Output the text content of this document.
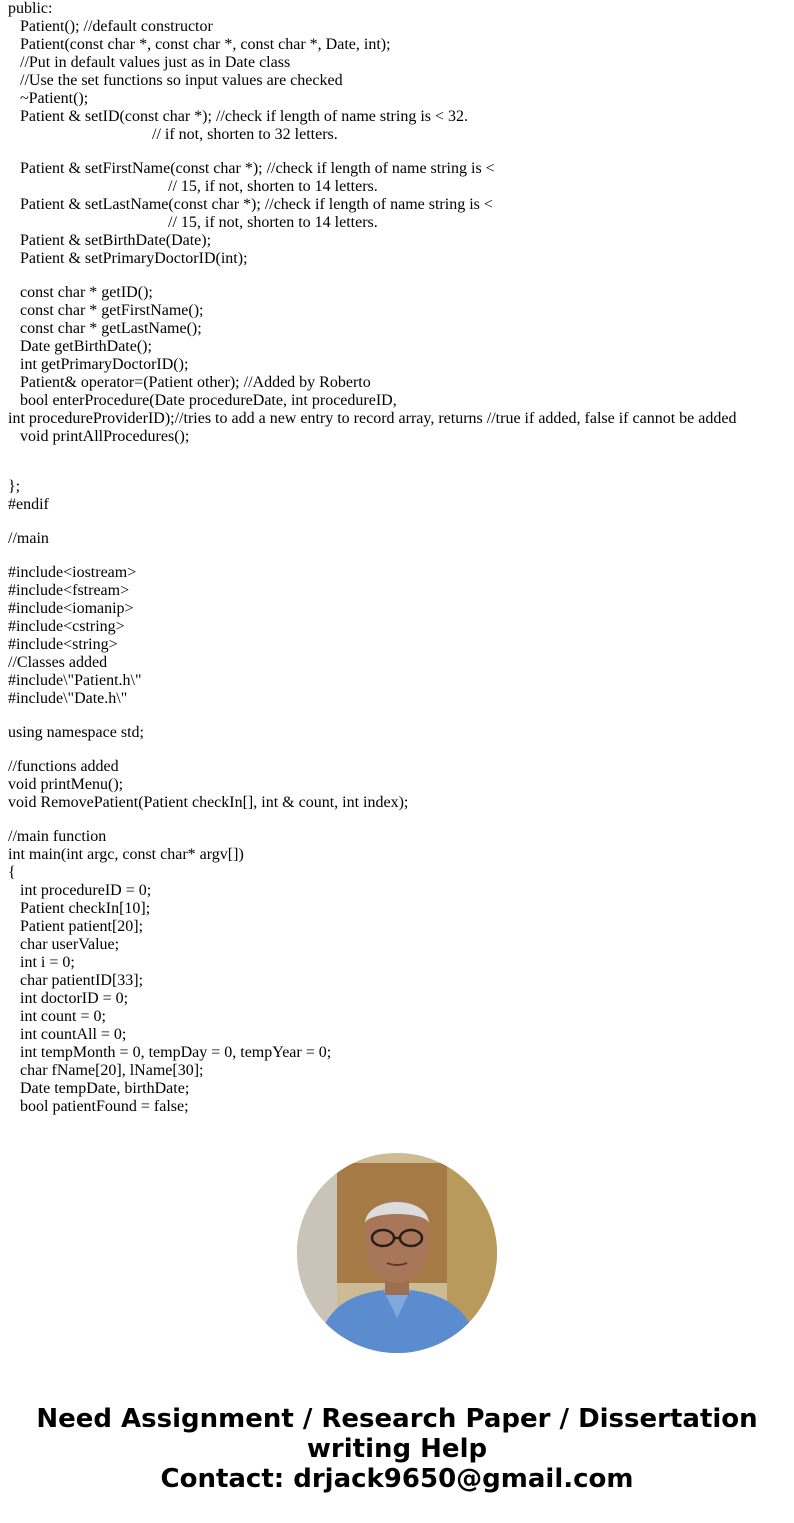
public:
Patient(); //default constructor
Patient(const char *, const char *, const char *, Date, int);
//Put in default values just as in Date class
//Use the set functions so input values are checked
~Patient();
Patient & setID(const char *); //check if length of name string is < 32.
// if not, shorten to 32 letters.
Patient & setFirstName(const char *); //check if length of name string is <
// 15, if not, shorten to 14 letters.
Patient & setLastName(const char *); //check if length of name string is <
// 15, if not, shorten to 14 letters.
Patient & setBirthDate(Date);
Patient & setPrimaryDoctorID(int);
const char * getID();
const char * getFirstName();
const char * getLastName();
Date getBirthDate();
int getPrimaryDoctorID();
Patient& operator=(Patient other); //Added by Roberto
bool enterProcedure(Date procedureDate, int procedureID,
int procedureProviderID);//tries to add a new entry to record array, returns //true if added, false if cannot be added
void printAllProcedures();
};
#endif
//main
#include<iostream>
#include<fstream>
#include<iomanip>
#include<cstring>
#include<string>
//Classes added
#include\"Patient.h\"
#include\"Date.h\"
using namespace std;
//functions added
void printMenu();
void RemovePatient(Patient checkIn[], int & count, int index);
//main function
int main(int argc, const char* argv[])
{
int procedureID = 0;
Patient checkIn[10];
Patient patient[20];
char userValue;
int i = 0;
char patientID[33];
int doctorID = 0;
int count = 0;
int countAll = 0;
int tempMonth = 0, tempDay = 0, tempYear = 0;
char fName[20], lName[30];
Date tempDate, birthDate;
bool patientFound = false;
Need Assignment / Research Paper / Dissertation
writing Help
Contact: drjack9650@gmail.com
